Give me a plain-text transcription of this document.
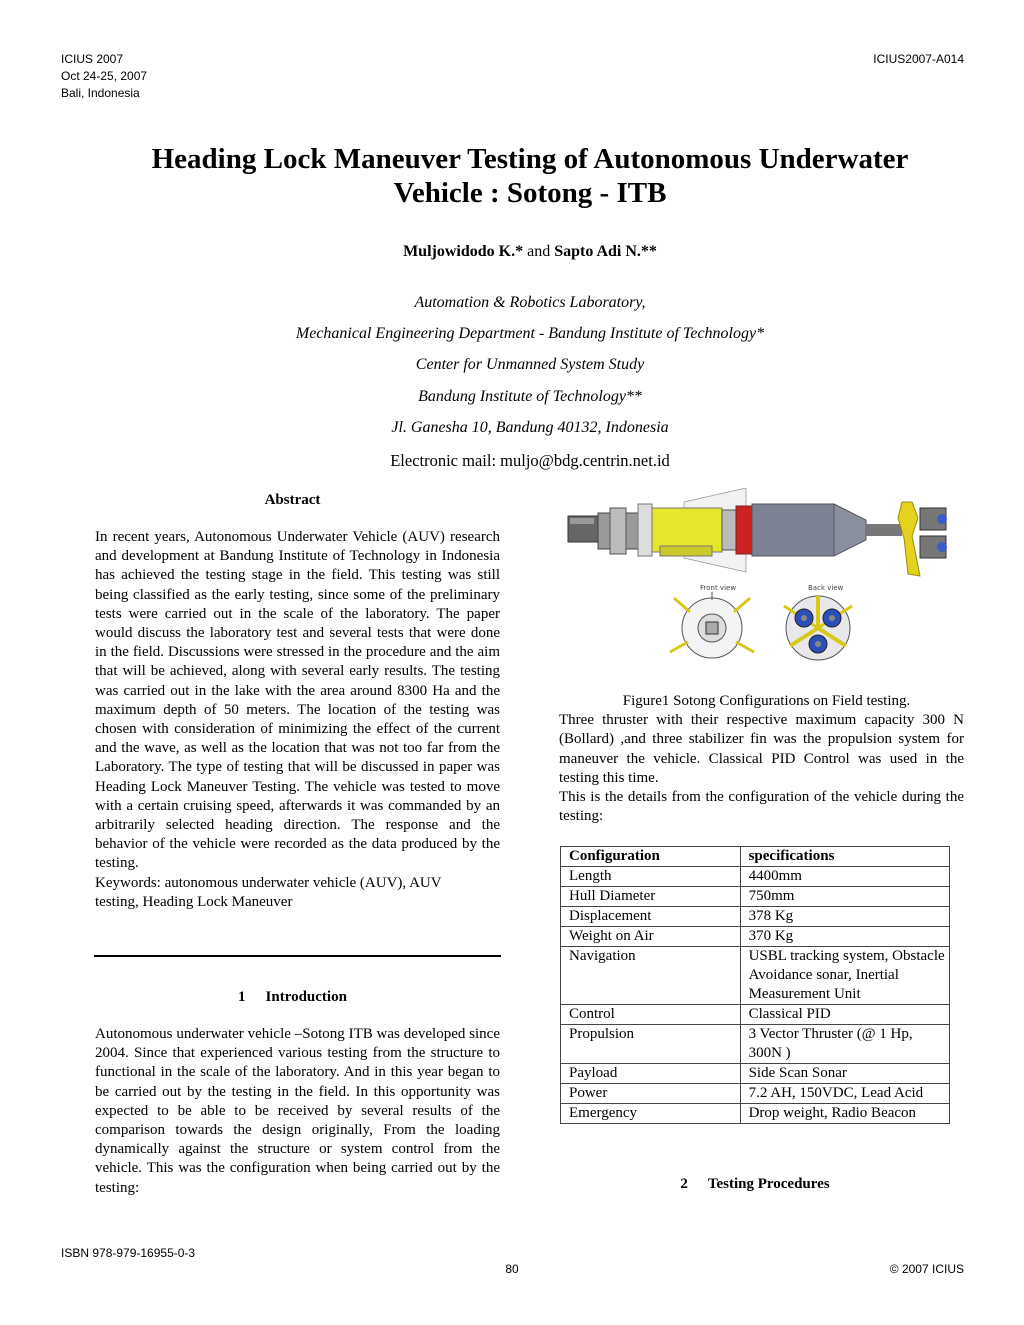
ICIUS 2007
Oct 24-25, 2007
Bali, Indonesia
ICIUS2007-A014
Heading Lock Maneuver Testing of Autonomous Underwater
Vehicle : Sotong - ITB
Muljowidodo K.* and Sapto Adi N.**
Automation & Robotics Laboratory,
Mechanical Engineering Department - Bandung Institute of Technology*
Center for Unmanned System Study
Bandung Institute of Technology**
Jl. Ganesha 10, Bandung 40132, Indonesia
Electronic mail: muljo@bdg.centrin.net.id
Abstract

In recent years, Autonomous Underwater Vehicle (AUV) research and development at Bandung Institute of Technology in Indonesia has achieved the testing stage in the field. This testing was still being classified as the early testing, since some of the preliminary tests were carried out in the scale of the laboratory. The paper would discuss the laboratory test and several tests that were done in the field. Discussions were stressed in the procedure and the aim that will be achieved, along with several early results. The testing was carried out in the lake with the area around 8300 Ha and the maximum depth of 50 meters. The location of the testing was chosen with consideration of minimizing the effect of the current and the wave, as well as the location that was not too far from the Laboratory. The type of testing that will be discussed in paper was Heading Lock Maneuver Testing. The vehicle was tested to move with a certain cruising speed, afterwards it was commanded by an arbitrarily selected heading direction. The response and the behavior of the vehicle were recorded as the data produced by the testing.

Keywords: autonomous underwater vehicle (AUV), AUV
testing, Heading Lock Maneuver
1 Introduction

Autonomous underwater vehicle –Sotong ITB was developed since 2004. Since that experienced various testing from the structure to functional in the scale of the laboratory. And in this year began to be carried out by the testing in the field. In this opportunity was expected to be able to be received by several results of the comparison towards the design originally, From the loading dynamically against the structure or system control from the vehicle. This was the configuration when being carried out by the testing:

Front view	Back view
Figure1 Sotong Configurations on Field testing.

Three thruster with their respective maximum capacity 300 N (Bollard) ,and three stabilizer fin was the propulsion system for maneuver the vehicle. Classical PID Control was used in the testing this time.

This is the details from the configuration of the vehicle during the testing:

Configuration	specifications
Length	4400mm
Hull Diameter	750mm
Displacement	378 Kg
Weight on Air	370 Kg
Navigation	USBL tracking system, Obstacle Avoidance sonar, Inertial Measurement Unit
Control	Classical PID
Propulsion	3 Vector Thruster (@ 1 Hp, 300N )
Payload	Side Scan Sonar
Power	7.2 AH, 150VDC, Lead Acid
Emergency	Drop weight, Radio Beacon
2 Testing Procedures
ISBN 978-979-16955-0-3
80	© 2007 ICIUS
